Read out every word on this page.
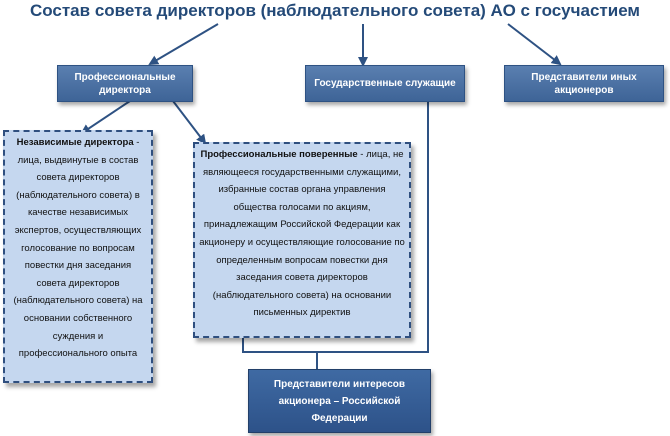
Состав совета директоров (наблюдательного совета) АО с госучастием
Профессиональные директора
Государственные служащие
Представители иных акционеров
Независимые директора - лица, выдвинутые в состав совета директоров (наблюдательного совета) в качестве независимых экспертов, осуществляющих голосование по вопросам повестки дня заседания совета директоров (наблюдательного совета) на основании собственного суждения и профессионального опыта
Профессиональные поверенные - лица, не являющееся государственными служащими, избранные состав органа управления общества голосами по акциям, принадлежащим Российской Федерации как акционеру и осуществляющие голосование по определенным вопросам повестки дня заседания совета директоров (наблюдательного совета) на основании письменных директив
Представители интересов акционера – Российской Федерации
